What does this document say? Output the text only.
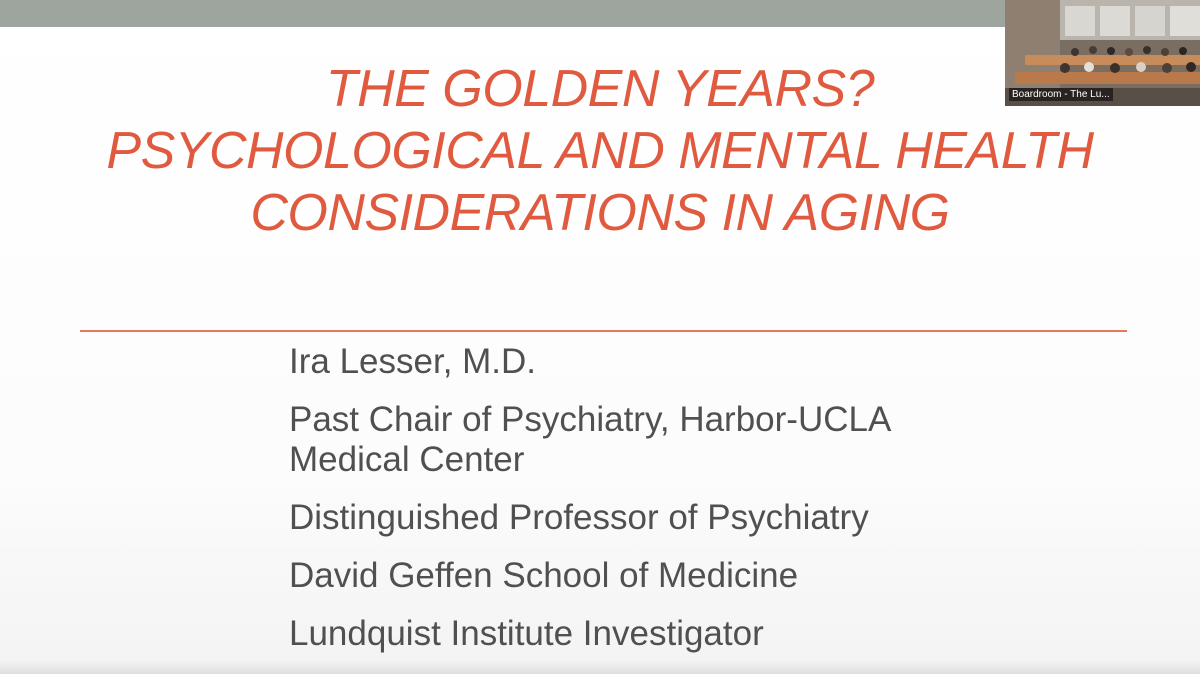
THE GOLDEN YEARS?
PSYCHOLOGICAL AND MENTAL HEALTH
CONSIDERATIONS IN AGING
Ira Lesser, M.D.
Past Chair of Psychiatry, Harbor-UCLA
Medical Center
Distinguished Professor of Psychiatry
David Geffen School of Medicine
Lundquist Institute Investigator
Boardroom - The Lu...
